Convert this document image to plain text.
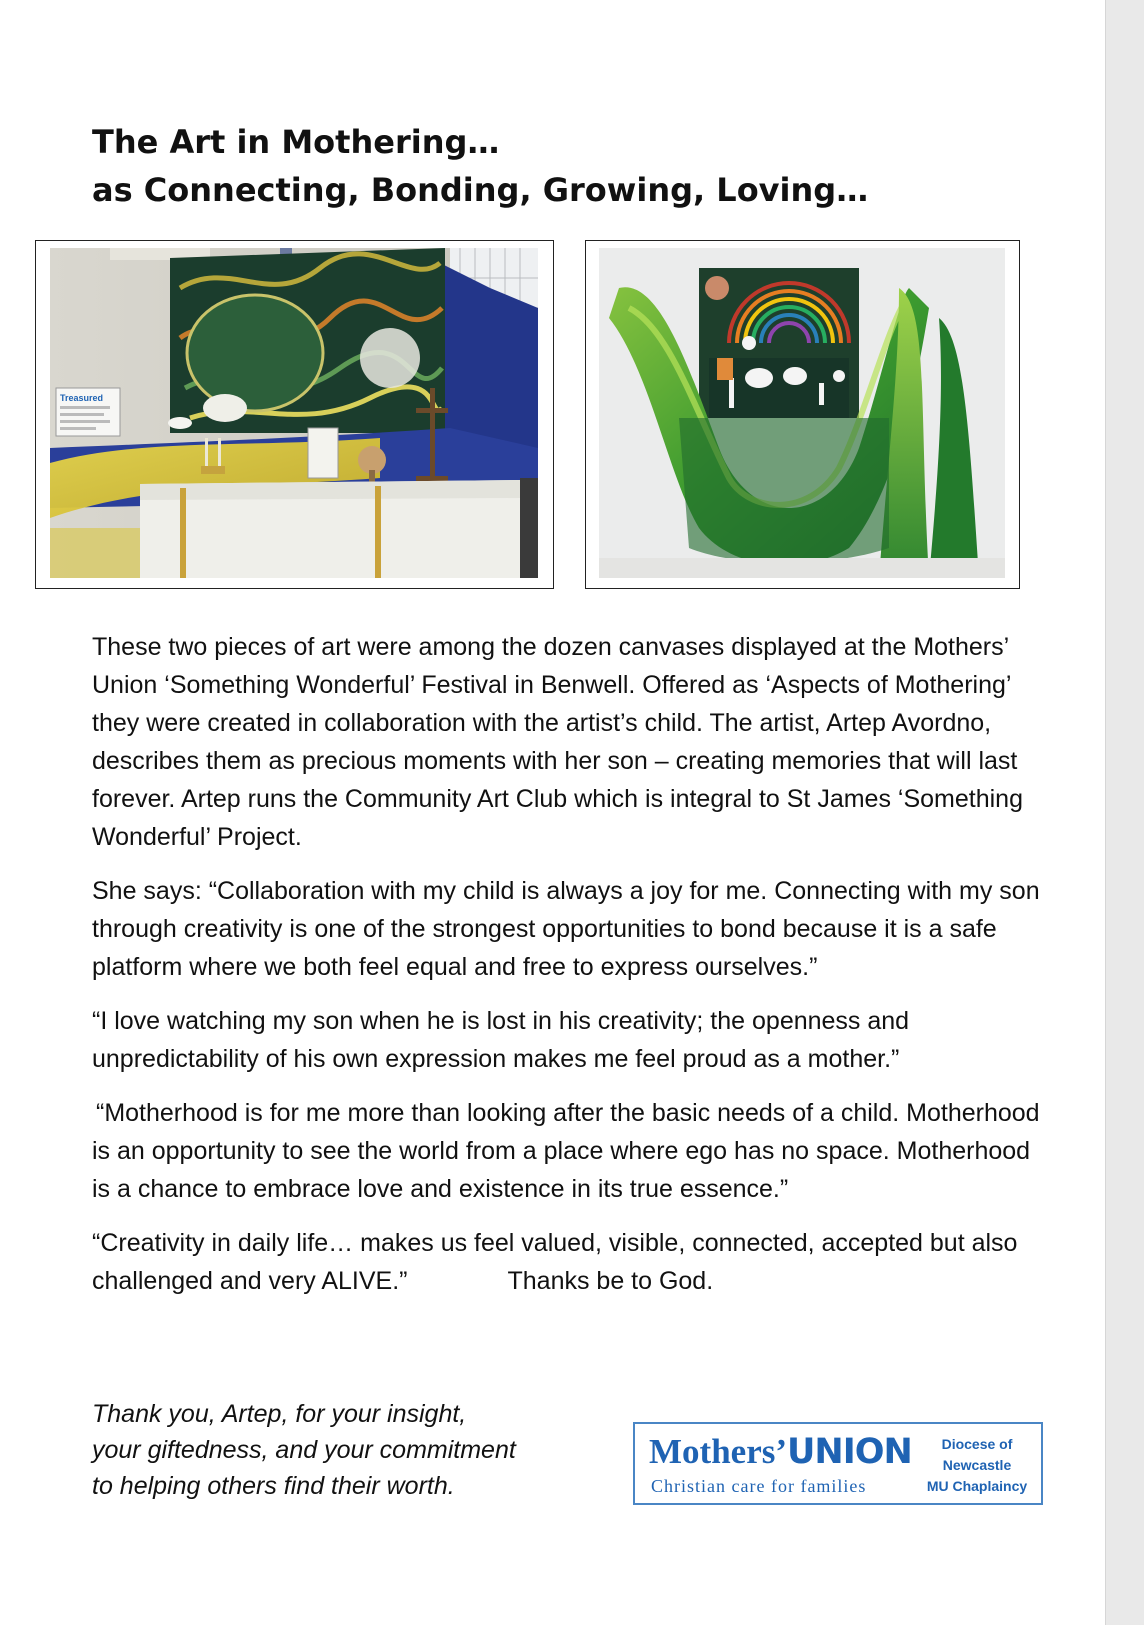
The Art in Mothering…
as Connecting, Bonding, Growing, Loving…
Treasured

These two pieces of art were among the dozen canvases displayed at the Mothers’ Union ‘Something Wonderful’ Festival in Benwell. Offered as ‘Aspects of Mothering’ they were created in collaboration with the artist’s child. The artist, Artep Avordno, describes them as precious moments with her son – creating memories that will last forever. Artep runs the Community Art Club which is integral to St James ‘Something Wonderful’ Project.

She says: “Collaboration with my child is always a joy for me. Connecting with my son through creativity is one of the strongest opportunities to bond because it is a safe platform where we both feel equal and free to express ourselves.”

“I love watching my son when he is lost in his creativity; the openness and unpredictability of his own expression makes me feel proud as a mother.”

“Motherhood is for me more than looking after the basic needs of a child. Motherhood is an opportunity to see the world from a place where ego has no space. Motherhood is a chance to embrace love and existence in its true essence.”

“Creativity in daily life… makes us feel valued, visible, connected, accepted but also challenged and very ALIVE.”	Thanks be to God.

Thank you, Artep, for your insight,
your giftedness, and your commitment
to helping others find their worth.
Mothers’UNION
Christian care for families
Diocese of
Newcastle
MU Chaplaincy
